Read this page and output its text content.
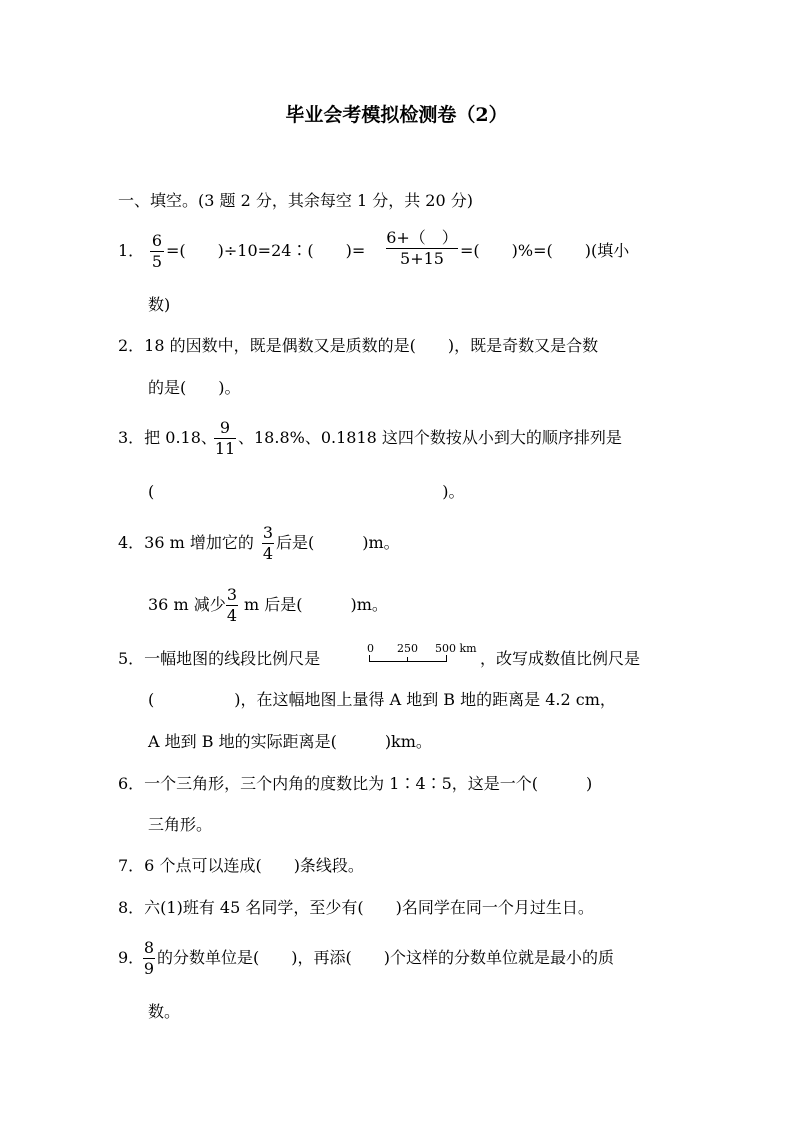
毕业会考模拟检测卷（2）
一、填空。(3 题 2 分，其余每空 1 分，共 20 分)
1．
6
5
=(　　)÷10=24∶(　　)=
6+（　）
5+15	=(　　)%=(　　)(填小
数)
2．18 的因数中，既是偶数又是质数的是(　　)，既是奇数又是合数
的是(　　)。
3．把 0.18、
9
11
、18.8%、0.1818 这四个数按从小到大的顺序排列是
(　　　　　　　　　　　　　　　　　　)。
4．36 m 增加它的
3
4
后是(　　　)m。
36 m 减少
3
4
m 后是(　　　)m。
5．一幅地图的线段比例尺是
0 250 500 km
，改写成数值比例尺是
(　　　　　)，在这幅地图上量得 A 地到 B 地的距离是 4.2 cm，
A 地到 B 地的实际距离是(　　　)km。
6．一个三角形，三个内角的度数比为 1∶4∶5，这是一个(　　　)
三角形。
7．6 个点可以连成(　　)条线段。
8．六(1)班有 45 名同学，至少有(　　)名同学在同一个月过生日。
9．
8
9
的分数单位是(　　)，再添(　　)个这样的分数单位就是最小的质
数。
